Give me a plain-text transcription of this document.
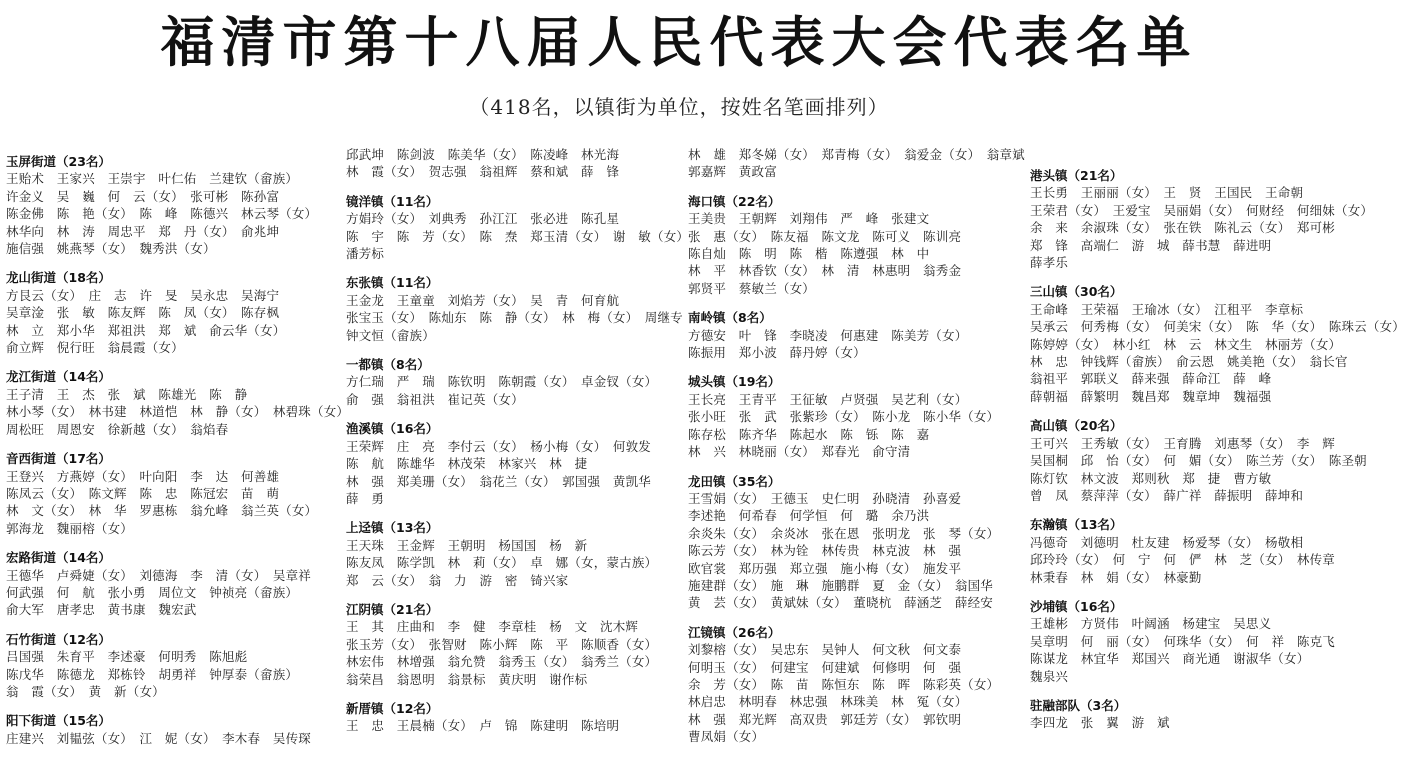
福清市第十八届人民代表大会代表名单
（418名，以镇街为单位，按姓名笔画排列）
玉屏街道（23名）
王贻术　王家兴　王崇宇　叶仁佑　兰建钦（畲族）
许金义　吴　巍　何　云（女）　张可彬　陈孙富
陈金佛　陈　艳（女）　陈　峰　陈德兴　林云琴（女）
林华向　林　涛　周忠平　郑　丹（女）　俞兆坤
施信强　姚燕琴（女）　魏秀洪（女）
龙山街道（18名）
方艮云（女）　庄　志　许　旻　吴永忠　吴海宁
吴章淦　张　敏　陈友辉　陈　凤（女）　陈存枫
林　立　郑小华　郑祖洪　郑　斌　俞云华（女）
俞立辉　倪行旺　翁晨霞（女）
龙江街道（14名）
王子清　王　杰　张　斌　陈雄光　陈　静
林小琴（女）　林书建　林道恺　林　静（女）　林碧珠（女）
周松旺　周恩安　徐新越（女）　翁焰春
音西街道（17名）
王登兴　方燕婷（女）　叶向阳　李　达　何善雄
陈凤云（女）　陈文辉　陈　忠　陈冠宏　苗　萌
林　文（女）　林　华　罗惠栋　翁允峰　翁兰英（女）
郭海龙　魏丽榕（女）
宏路街道（14名）
王德华　卢舜婕（女）　刘德海　李　清（女）　吴章祥
何武强　何　航　张小勇　周位文　钟祯亮（畲族）
俞大军　唐孝忠　黄书康　魏宏武
石竹街道（12名）
吕国强　朱育平　李述豪　何明秀　陈旭彪
陈戊华　陈德龙　郑栋铃　胡勇祥　钟厚泰（畲族）
翁　霞（女）　黄　新（女）
阳下街道（15名）
庄建兴　刘韫弦（女）　江　妮（女）　李木春　吴传琛
邱武坤　陈剑波　陈美华（女）　陈凌峰　林光海
林　霞（女）　贺志强　翁祖辉　蔡和斌　薛　锋
镜洋镇（11名）
方娟玲（女）　刘典秀　孙江江　张必进　陈孔星
陈　宇　陈　芳（女）　陈　焘　郑玉清（女）　谢　敏（女）
潘芳标
东张镇（11名）
王金龙　王童童　刘焰芳（女）　吴　青　何育航
张宝玉（女）　陈灿东　陈　静（女）　林　梅（女）　周继专
钟文恒（畲族）
一都镇（8名）
方仁瑞　严　瑞　陈钦明　陈朝霞（女）　卓金钗（女）
俞　强　翁祖洪　崔记英（女）
渔溪镇（16名）
王荣辉　庄　亮　李付云（女）　杨小梅（女）　何敦发
陈　航　陈雄华　林茂荣　林家兴　林　捷
林　强　郑美珊（女）　翁花兰（女）　郭国强　黄凯华
薛　勇
上迳镇（13名）
王天珠　王金辉　王朝明　杨国国　杨　新
陈友凤　陈学凯　林　莉（女）　卓　娜（女，蒙古族）
郑　云（女）　翁　力　游　密　锜兴家
江阴镇（21名）
王　其　庄曲和　李　健　李章桂　杨　文　沈木辉
张玉芳（女）　张智财　陈小辉　陈　平　陈顺香（女）
林宏伟　林增强　翁允赞　翁秀玉（女）　翁秀兰（女）
翁荣昌　翁恩明　翁景标　黄庆明　谢作标
新厝镇（12名）
王　忠　王晨楠（女）　卢　锦　陈建明　陈培明
林　雄　郑冬娣（女）　郑青梅（女）　翁爱金（女）　翁章斌
郭嘉辉　黄政富
海口镇（22名）
王美贵　王朝辉　刘翔伟　严　峰　张建文
张　惠（女）　陈友福　陈文龙　陈可义　陈训亮
陈自灿　陈　明　陈　楷　陈遵强　林　中
林　平　林香钦（女）　林　清　林惠明　翁秀金
郭贤平　蔡敏兰（女）
南岭镇（8名）
方德安　叶　锋　李晓凌　何惠建　陈美芳（女）
陈振用　郑小波　薛丹婷（女）
城头镇（19名）
王长亮　王青平　王征敏　卢贤强　吴艺利（女）
张小旺　张　武　张紫珍（女）　陈小龙　陈小华（女）
陈存松　陈齐华　陈起水　陈　铄　陈　嘉
林　兴　林晓丽（女）　郑春光　俞守清
龙田镇（35名）
王雪娟（女）　王德玉　史仁明　孙晓清　孙喜爱
李述艳　何希春　何学恒　何　璐　余乃洪
余炎朱（女）　余炎冰　张在恩　张明龙　张　琴（女）
陈云芳（女）　林为铨　林传贵　林克波　林　强
欧官裳　郑历强　郑立强　施小梅（女）　施发平
施建群（女）　施　琳　施鹏群　夏　金（女）　翁国华
黄　芸（女）　黄斌妹（女）　董晓杭　薛涵芝　薛经安
江镜镇（26名）
刘黎榕（女）　吴忠东　吴钟人　何文秋　何文泰
何明玉（女）　何建宝　何建斌　何修明　何　强
余　芳（女）　陈　苗　陈恒东　陈　晖　陈彩英（女）
林启忠　林明春　林忠强　林珠美　林　冤（女）
林　强　郑光辉　高双贵　郭廷芳（女）　郭钦明
曹凤娟（女）
港头镇（21名）
王长勇　王丽丽（女）　王　贤　王国民　王命朝
王荣君（女）　王爱宝　吴丽娟（女）　何财经　何细妹（女）
余　来　余淑珠（女）　张在铁　陈礼云（女）　郑可彬
郑　锋　高端仁　游　城　薛书慧　薛进明
薛孝乐
三山镇（30名）
王命峰　王荣福　王瑜冰（女）　江租平　李章标
吴承云　何秀梅（女）　何美宋（女）　陈　华（女）　陈珠云（女）
陈婷婷（女）　林小红　林　云　林文生　林丽芳（女）
林　忠　钟钱辉（畲族）　俞云恩　姚美艳（女）　翁长官
翁祖平　郭联义　薛来强　薛命江　薛　峰
薛朝福　薛繁明　魏昌郑　魏章坤　魏福强
高山镇（20名）
王可兴　王秀敏（女）　王育腾　刘惠琴（女）　李　辉
吴国桐　邱　怡（女）　何　媚（女）　陈兰芳（女）　陈圣朝
陈灯钦　林文波　郑则秋　郑　捷　曹方敏
曾　凤　蔡萍萍（女）　薛广祥　薛振明　薛坤和
东瀚镇（13名）
冯德奇　刘德明　杜友建　杨爱琴（女）　杨敬相
邱玲玲（女）　何　宁　何　俨　林　芝（女）　林传章
林秉春　林　娟（女）　林豪勤
沙埔镇（16名）
王雄彬　方贤伟　叶阔涵　杨建宝　吴思义
吴章明　何　丽（女）　何珠华（女）　何　祥　陈克飞
陈谋龙　林宜华　郑国兴　商光通　谢淑华（女）
魏泉兴
驻融部队（3名）
李四龙　张　翼　游　斌
